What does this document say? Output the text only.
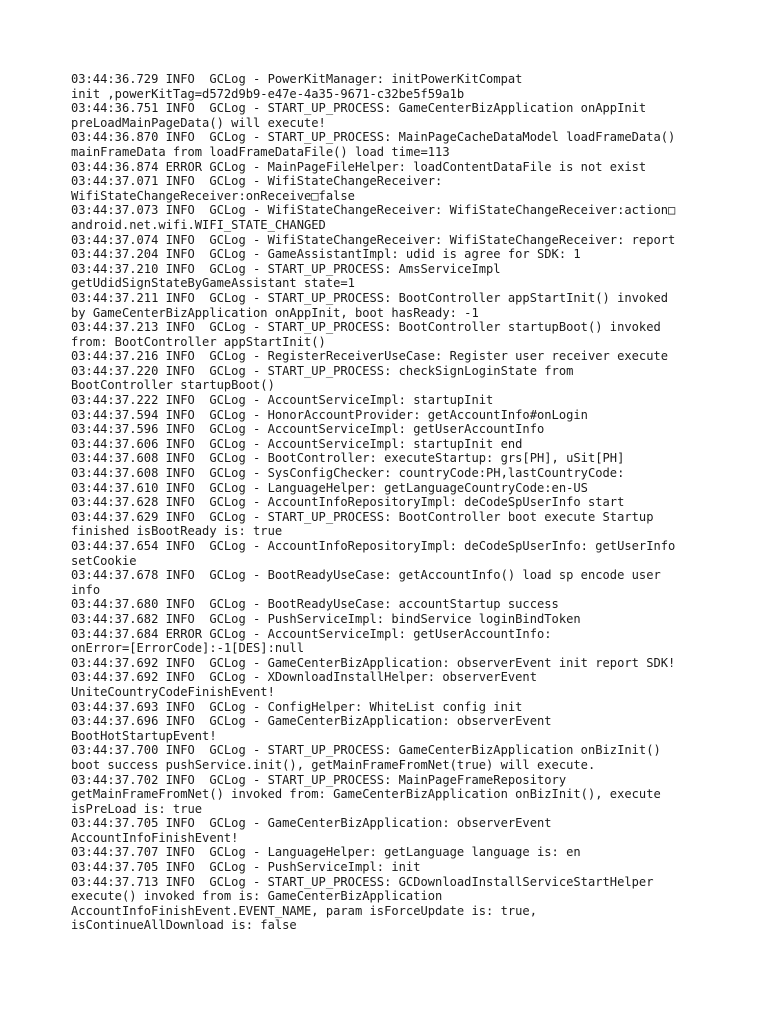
03:44:36.729 INFO  GCLog - PowerKitManager: initPowerKitCompat
init ,powerKitTag=d572d9b9-e47e-4a35-9671-c32be5f59a1b
03:44:36.751 INFO  GCLog - START_UP_PROCESS: GameCenterBizApplication onAppInit
preLoadMainPageData() will execute!
03:44:36.870 INFO  GCLog - START_UP_PROCESS: MainPageCacheDataModel loadFrameData()
mainFrameData from loadFrameDataFile() load time=113
03:44:36.874 ERROR GCLog - MainPageFileHelper: loadContentDataFile is not exist
03:44:37.071 INFO  GCLog - WifiStateChangeReceiver:
WifiStateChangeReceiver:onReceive□false
03:44:37.073 INFO  GCLog - WifiStateChangeReceiver: WifiStateChangeReceiver:action□
android.net.wifi.WIFI_STATE_CHANGED
03:44:37.074 INFO  GCLog - WifiStateChangeReceiver: WifiStateChangeReceiver: report
03:44:37.204 INFO  GCLog - GameAssistantImpl: udid is agree for SDK: 1
03:44:37.210 INFO  GCLog - START_UP_PROCESS: AmsServiceImpl
getUdidSignStateByGameAssistant state=1
03:44:37.211 INFO  GCLog - START_UP_PROCESS: BootController appStartInit() invoked
by GameCenterBizApplication onAppInit, boot hasReady: -1
03:44:37.213 INFO  GCLog - START_UP_PROCESS: BootController startupBoot() invoked
from: BootController appStartInit()
03:44:37.216 INFO  GCLog - RegisterReceiverUseCase: Register user receiver execute
03:44:37.220 INFO  GCLog - START_UP_PROCESS: checkSignLoginState from
BootController startupBoot()
03:44:37.222 INFO  GCLog - AccountServiceImpl: startupInit
03:44:37.594 INFO  GCLog - HonorAccountProvider: getAccountInfo#onLogin
03:44:37.596 INFO  GCLog - AccountServiceImpl: getUserAccountInfo
03:44:37.606 INFO  GCLog - AccountServiceImpl: startupInit end
03:44:37.608 INFO  GCLog - BootController: executeStartup: grs[PH], uSit[PH]
03:44:37.608 INFO  GCLog - SysConfigChecker: countryCode:PH,lastCountryCode:
03:44:37.610 INFO  GCLog - LanguageHelper: getLanguageCountryCode:en-US
03:44:37.628 INFO  GCLog - AccountInfoRepositoryImpl: deCodeSpUserInfo start
03:44:37.629 INFO  GCLog - START_UP_PROCESS: BootController boot execute Startup
finished isBootReady is: true
03:44:37.654 INFO  GCLog - AccountInfoRepositoryImpl: deCodeSpUserInfo: getUserInfo
setCookie
03:44:37.678 INFO  GCLog - BootReadyUseCase: getAccountInfo() load sp encode user
info
03:44:37.680 INFO  GCLog - BootReadyUseCase: accountStartup success
03:44:37.682 INFO  GCLog - PushServiceImpl: bindService loginBindToken
03:44:37.684 ERROR GCLog - AccountServiceImpl: getUserAccountInfo:
onError=[ErrorCode]:-1[DES]:null
03:44:37.692 INFO  GCLog - GameCenterBizApplication: observerEvent init report SDK!
03:44:37.692 INFO  GCLog - XDownloadInstallHelper: observerEvent
UniteCountryCodeFinishEvent!
03:44:37.693 INFO  GCLog - ConfigHelper: WhiteList config init
03:44:37.696 INFO  GCLog - GameCenterBizApplication: observerEvent
BootHotStartupEvent!
03:44:37.700 INFO  GCLog - START_UP_PROCESS: GameCenterBizApplication onBizInit()
boot success pushService.init(), getMainFrameFromNet(true) will execute.
03:44:37.702 INFO  GCLog - START_UP_PROCESS: MainPageFrameRepository
getMainFrameFromNet() invoked from: GameCenterBizApplication onBizInit(), execute
isPreLoad is: true
03:44:37.705 INFO  GCLog - GameCenterBizApplication: observerEvent
AccountInfoFinishEvent!
03:44:37.707 INFO  GCLog - LanguageHelper: getLanguage language is: en
03:44:37.705 INFO  GCLog - PushServiceImpl: init
03:44:37.713 INFO  GCLog - START_UP_PROCESS: GCDownloadInstallServiceStartHelper
execute() invoked from is: GameCenterBizApplication
AccountInfoFinishEvent.EVENT_NAME, param isForceUpdate is: true,
isContinueAllDownload is: false
